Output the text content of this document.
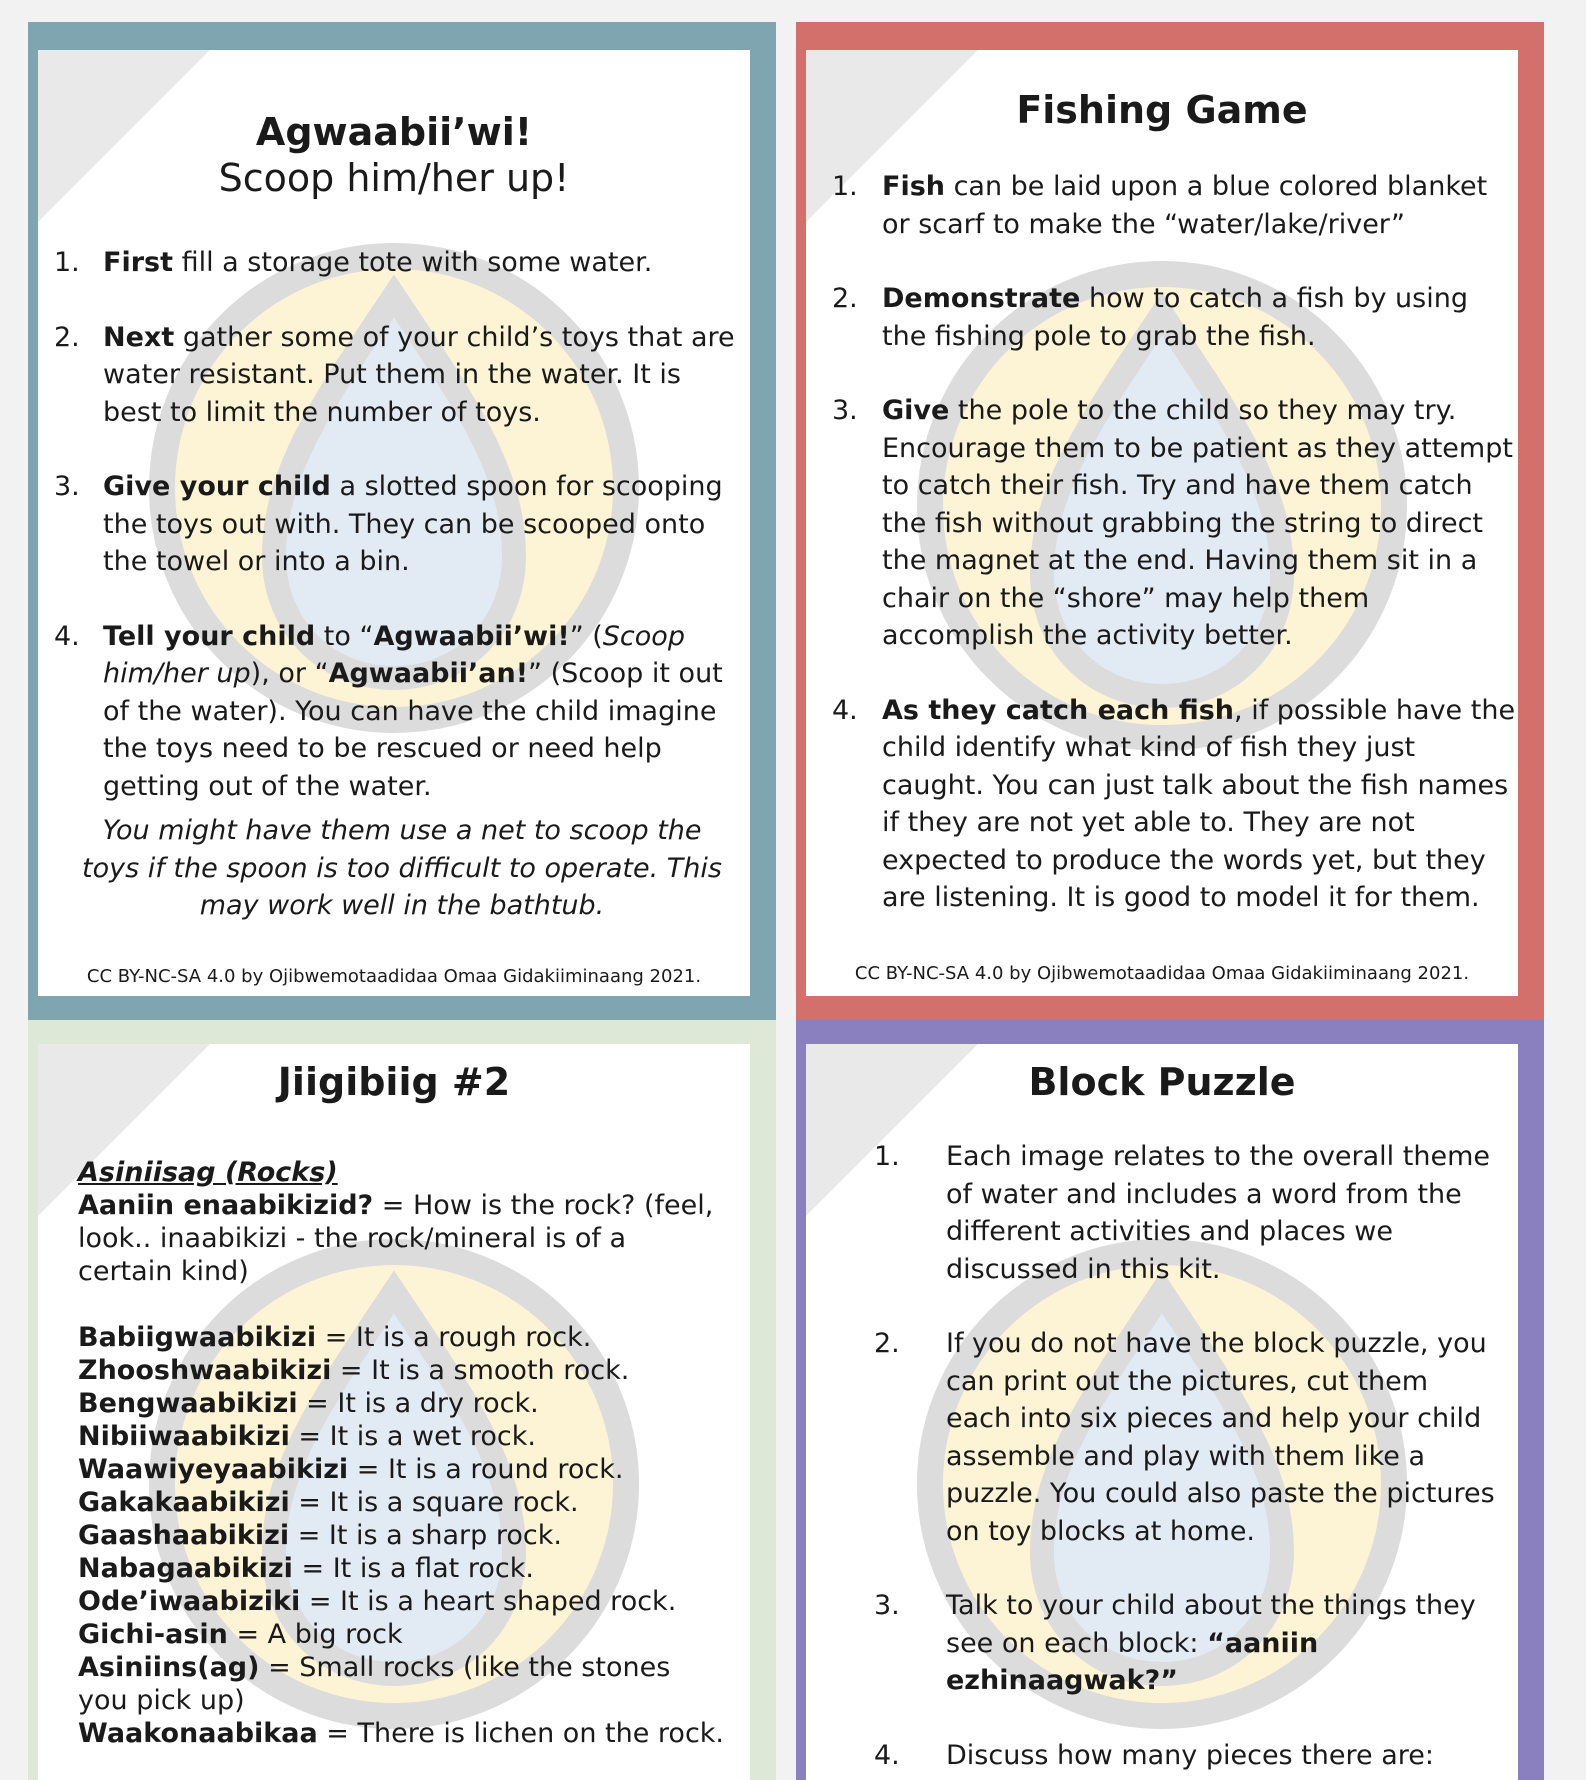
Agwaabii’wi!
Scoop him/her up!
1. First fill a storage tote with some water.
2. Next gather some of your child’s toys that are water resistant. Put them in the water. It is best to limit the number of toys.
3. Give your child a slotted spoon for scooping the toys out with. They can be scooped onto the towel or into a bin.
4. Tell your child to “Agwaabii’wi!” (Scoop him/her up), or “Agwaabii’an!” (Scoop it out of the water). You can have the child imagine the toys need to be rescued or need help getting out of the water.
You might have them use a net to scoop the toys if the spoon is too difficult to operate. This may work well in the bathtub.
CC BY-NC-SA 4.0 by Ojibwemotaadidaa Omaa Gidakiiminaang 2021.
Fishing Game
1. Fish can be laid upon a blue colored blanket or scarf to make the “water/lake/river”
2. Demonstrate how to catch a fish by using the fishing pole to grab the fish.
3. Give the pole to the child so they may try. Encourage them to be patient as they attempt to catch their fish. Try and have them catch the fish without grabbing the string to direct the magnet at the end. Having them sit in a chair on the “shore” may help them accomplish the activity better.
4. As they catch each fish, if possible have the child identify what kind of fish they just caught. You can just talk about the fish names if they are not yet able to. They are not expected to produce the words yet, but they are listening. It is good to model it for them.
CC BY-NC-SA 4.0 by Ojibwemotaadidaa Omaa Gidakiiminaang 2021.
Jiigibiig #2
Asiniisag (Rocks)
Aaniin enaabikizid? = How is the rock? (feel, look.. inaabikizi - the rock/mineral is of a certain kind)
Babiigwaabikizi = It is a rough rock.
Zhooshwaabikizi = It is a smooth rock.
Bengwaabikizi = It is a dry rock.
Nibiiwaabikizi = It is a wet rock.
Waawiyeyaabikizi = It is a round rock.
Gakakaabikizi = It is a square rock.
Gaashaabikizi = It is a sharp rock.
Nabagaabikizi = It is a flat rock.
Ode’iwaabiziki = It is a heart shaped rock.
Gichi-asin = A big rock
Asiniins(ag) = Small rocks (like the stones you pick up)
Waakonaabikaa = There is lichen on the rock.
Block Puzzle
1.	Each image relates to the overall theme of water and includes a word from the different activities and places we discussed in this kit.
2.	If you do not have the block puzzle, you can print out the pictures, cut them each into six pieces and help your child assemble and play with them like a puzzle. You could also paste the pictures on toy blocks at home.
3.	Talk to your child about the things they see on each block: “aaniin ezhinaagwak?”
4.	Discuss how many pieces there are:
